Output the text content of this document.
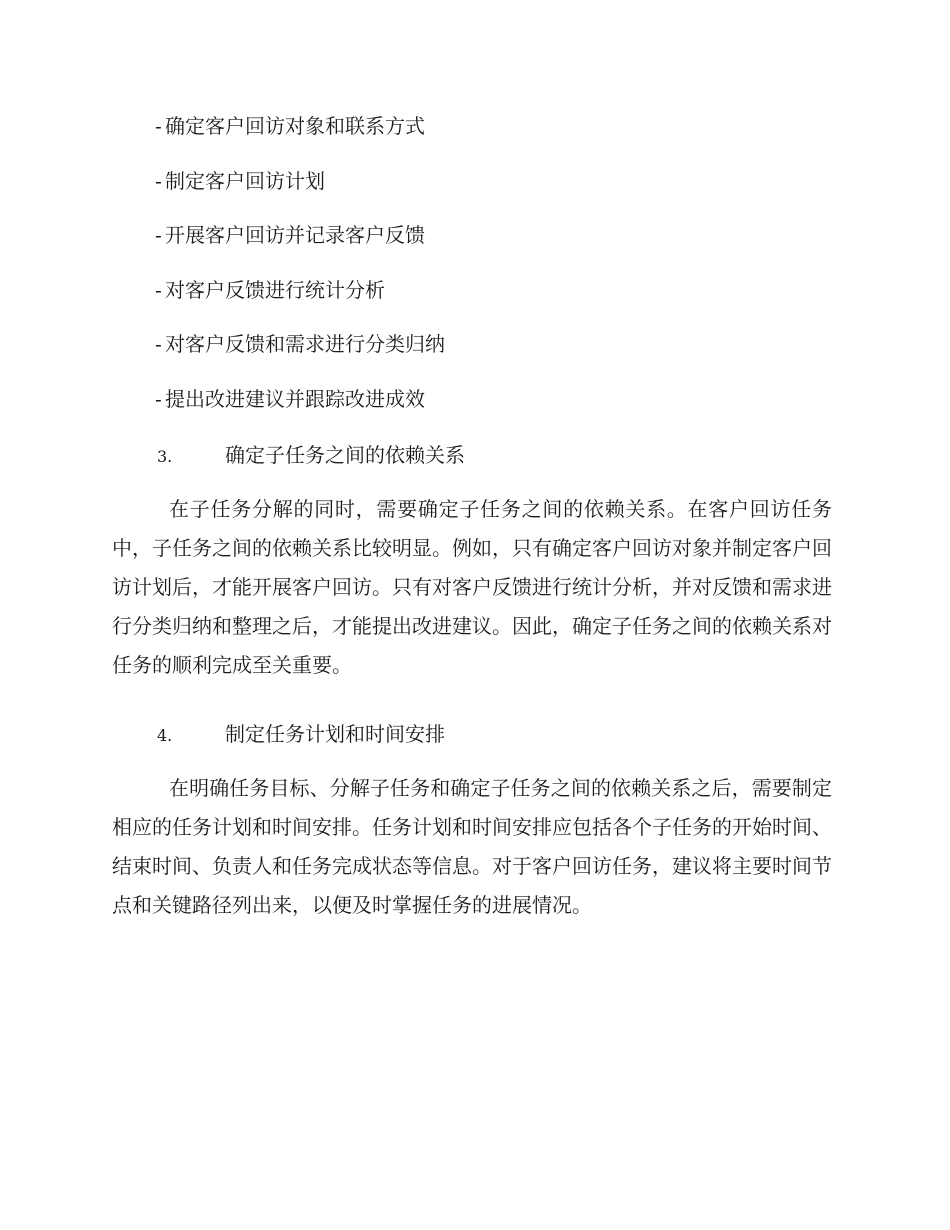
- 确定客户回访对象和联系方式
- 制定客户回访计划
- 开展客户回访并记录客户反馈
- 对客户反馈进行统计分析
- 对客户反馈和需求进行分类归纳
- 提出改进建议并跟踪改进成效
3.	确定子任务之间的依赖关系

在子任务分解的同时，需要确定子任务之间的依赖关系。在客户回访任务中，子任务之间的依赖关系比较明显。例如，只有确定客户回访对象并制定客户回访计划后，才能开展客户回访。只有对客户反馈进行统计分析，并对反馈和需求进行分类归纳和整理之后，才能提出改进建议。因此，确定子任务之间的依赖关系对任务的顺利完成至关重要。

4.	制定任务计划和时间安排

在明确任务目标、分解子任务和确定子任务之间的依赖关系之后，需要制定相应的任务计划和时间安排。任务计划和时间安排应包括各个子任务的开始时间、结束时间、负责人和任务完成状态等信息。对于客户回访任务，建议将主要时间节点和关键路径列出来，以便及时掌握任务的进展情况。
